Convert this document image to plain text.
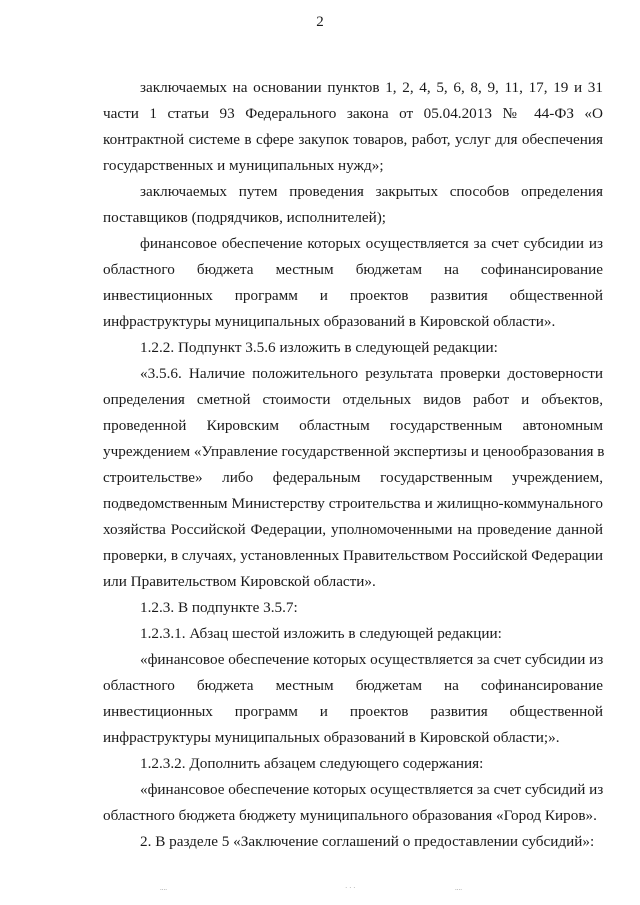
2
заключаемых на основании пунктов 1, 2, 4, 5, 6, 8, 9, 11, 17, 19 и 31
части 1 статьи 93 Федерального закона от 05.04.2013 № 44-ФЗ «О
контрактной системе в сфере закупок товаров, работ, услуг для обеспечения
государственных и муниципальных нужд»;
заключаемых путем проведения закрытых способов определения
поставщиков (подрядчиков, исполнителей);
финансовое обеспечение которых осуществляется за счет субсидии из
областного бюджета местным бюджетам на софинансирование
инвестиционных программ и проектов развития общественной
инфраструктуры муниципальных образований в Кировской области».
1.2.2. Подпункт 3.5.6 изложить в следующей редакции:
«3.5.6. Наличие положительного результата проверки достоверности
определения сметной стоимости отдельных видов работ и объектов,
проведенной Кировским областным государственным автономным
учреждением «Управление государственной экспертизы и ценообразования в
строительстве» либо федеральным государственным учреждением,
подведомственным Министерству строительства и жилищно-коммунального
хозяйства Российской Федерации, уполномоченными на проведение данной
проверки, в случаях, установленных Правительством Российской Федерации
или Правительством Кировской области».
1.2.3. В подпункте 3.5.7:
1.2.3.1. Абзац шестой изложить в следующей редакции:
«финансовое обеспечение которых осуществляется за счет субсидии из
областного бюджета местным бюджетам на софинансирование
инвестиционных программ и проектов развития общественной
инфраструктуры муниципальных образований в Кировской области;».
1.2.3.2. Дополнить абзацем следующего содержания:
«финансовое обеспечение которых осуществляется за счет субсидий из
областного бюджета бюджету муниципального образования «Город Киров».
2. В разделе 5 «Заключение соглашений о предоставлении субсидий»:
....	· · ·	....
